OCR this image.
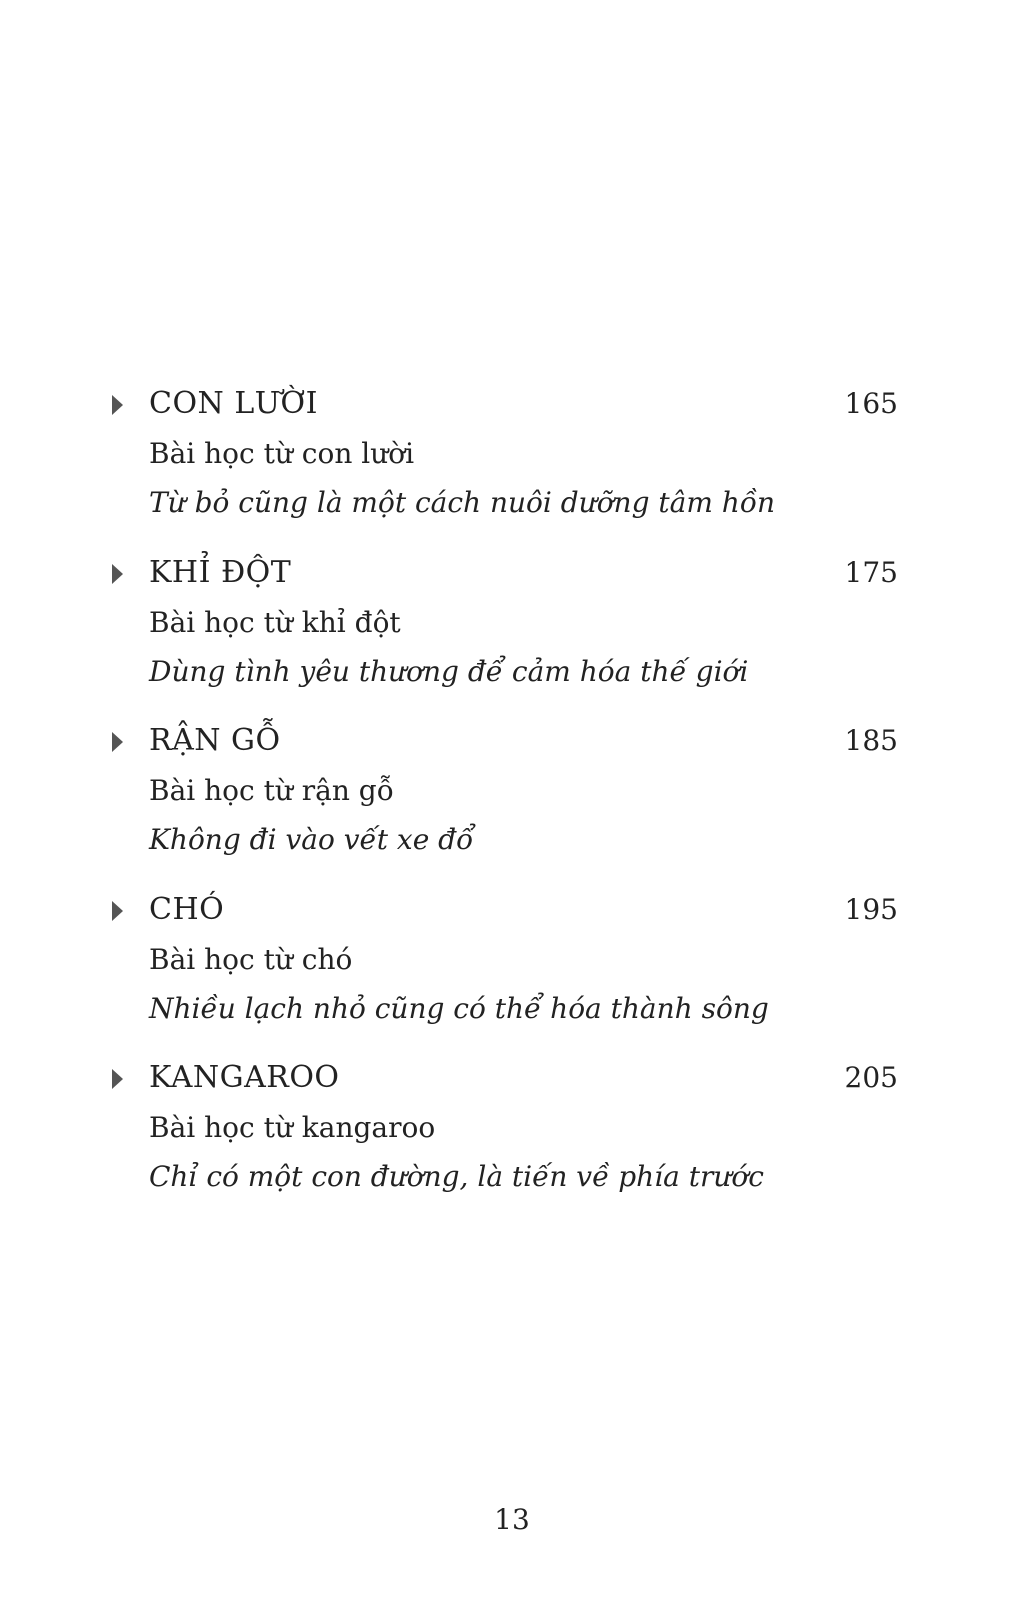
CON LƯỜI	165
Bài học từ con lười
Từ bỏ cũng là một cách nuôi dưỡng tâm hồn
KHỈ ĐỘT	175
Bài học từ khỉ đột
Dùng tình yêu thương để cảm hóa thế giới
RẬN GỖ	185
Bài học từ rận gỗ
Không đi vào vết xe đổ
CHÓ	195
Bài học từ chó
Nhiều lạch nhỏ cũng có thể hóa thành sông
KANGAROO	205
Bài học từ kangaroo
Chỉ có một con đường, là tiến về phía trước
13
